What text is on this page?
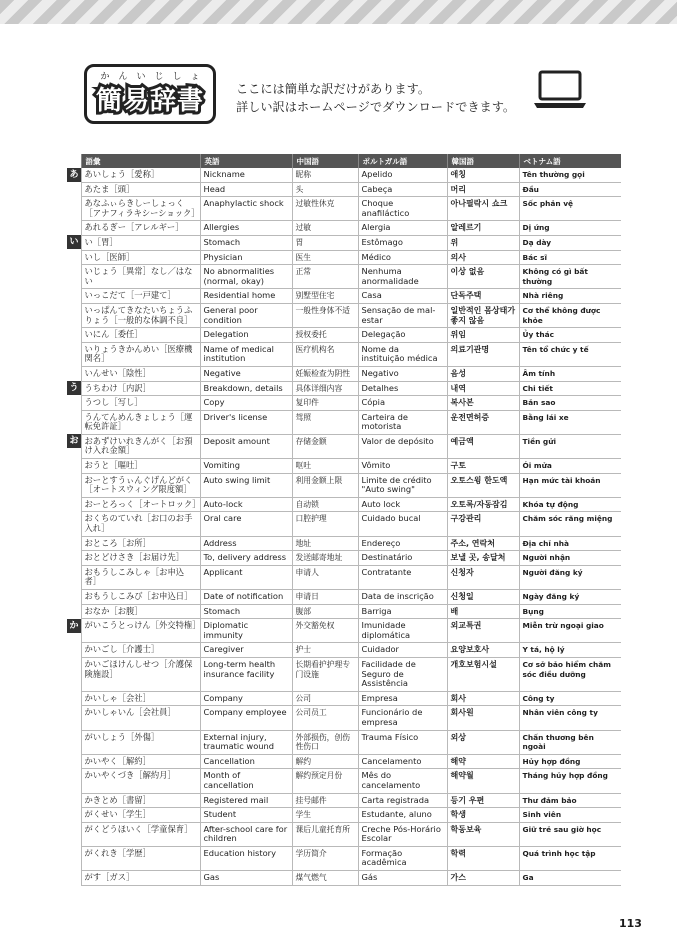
かんいじしょ
簡易辞書	ここには簡単な訳だけがあります。
詳しい訳はホームページでダウンロードできます。
	語彙	英語	中国語	ポルトガル語	韓国語	ベトナム語

あ	あいしょう［愛称］	Nickname	昵称	Apelido	애칭	Tên thường gọi
	あたま［頭］	Head	头	Cabeça	머리	Đầu
	あなふぃらきしーしょっく［アナフィラキシーショック］	Anaphylactic shock	过敏性休克	Choque anafiláctico	아나필락시 쇼크	Sốc phản vệ
	あれるぎー［アレルギー］	Allergies	过敏	Alergia	알레르기	Dị ứng

い	い［胃］	Stomach	胃	Estômago	위	Dạ dày
	いし［医師］	Physician	医生	Médico	의사	Bác sĩ
	いじょう［異常］なし／はない	No abnormalities (normal, okay)	正常	Nenhuma anormalidade	이상 없음	Không có gì bất thường
	いっこだて［一戸建て］	Residential home	别墅型住宅	Casa	단독주택	Nhà riêng
	いっぱんてきなたいちょうふりょう［一般的な体調不良］	General poor condition	一般性身体不适	Sensação de mal-estar	일반적인 몸상태가 좋지 않음	Cơ thể không được khỏe
	いにん［委任］	Delegation	授权委托	Delegação	위임	Ủy thác
	いりょうきかんめい［医療機関名］	Name of medical institution	医疗机构名	Nome da instituição médica	의료기관명	Tên tổ chức y tế
	いんせい［陰性］	Negative	妊娠检查为阴性	Negativo	음성	Âm tính

う	うちわけ［内訳］	Breakdown, details	具体详细内容	Detalhes	내역	Chi tiết
	うつし［写し］	Copy	复印件	Cópia	복사본	Bản sao
	うんてんめんきょしょう［運転免許証］	Driver's license	驾照	Carteira de motorista	운전면허증	Bằng lái xe

お	おあずけいれきんがく［お預け入れ金額］	Deposit amount	存储金额	Valor de depósito	예금액	Tiền gửi
	おうと［嘔吐］	Vomiting	呕吐	Vômito	구토	Ói mửa
	おーとすうぃんぐげんどがく［オートスウィング限度額］	Auto swing limit	利用金额上限	Limite de crédito "Auto swing"	오토스윙 한도액	Hạn mức tài khoản
	おーとろっく［オートロック］	Auto-lock	自动锁	Auto lock	오토록/자동잠김	Khóa tự động
	おくちのていれ［お口のお手入れ］	Oral care	口腔护理	Cuidado bucal	구강관리	Chăm sóc răng miệng
	おところ［お所］	Address	地址	Endereço	주소, 연락처	Địa chỉ nhà
	おとどけさき［お届け先］	To, delivery address	发送邮寄地址	Destinatário	보낼 곳, 송달처	Người nhận
	おもうしこみしゃ［お申込者］	Applicant	申请人	Contratante	신청자	Người đăng ký
	おもうしこみび［お申込日］	Date of notification	申请日	Data de inscrição	신청일	Ngày đăng ký
	おなか［お腹］	Stomach	腹部	Barriga	배	Bụng

か	がいこうとっけん［外交特権］	Diplomatic immunity	外交豁免权	Imunidade diplomática	외교특권	Miễn trừ ngoại giao
	かいごし［介護士］	Caregiver	护士	Cuidador	요양보호사	Y tá, hộ lý
	かいごほけんしせつ［介護保険施設］	Long-term health insurance facility	长期看护护理专门设施	Facilidade de Seguro de Assistência	개호보험시설	Cơ sở bảo hiểm chăm sóc điều dưỡng
	かいしゃ［会社］	Company	公司	Empresa	회사	Công ty
	かいしゃいん［会社員］	Company employee	公司员工	Funcionário de empresa	회사원	Nhân viên công ty
	がいしょう［外傷］	External injury, traumatic wound	外部损伤，创伤性伤口	Trauma Físico	외상	Chấn thương bên ngoài
	かいやく［解約］	Cancellation	解约	Cancelamento	해약	Hủy hợp đồng
	かいやくづき［解約月］	Month of cancellation	解约预定月份	Mês do cancelamento	해약월	Tháng hủy hợp đồng
	かきとめ［書留］	Registered mail	挂号邮件	Carta registrada	등기 우편	Thư đảm bảo
	がくせい［学生］	Student	学生	Estudante, aluno	학생	Sinh viên
	がくどうほいく［学童保育］	After-school care for children	课后儿童托育所	Creche Pós-Horário Escolar	학동보육	Giữ trẻ sau giờ học
	がくれき［学歴］	Education history	学历简介	Formação acadêmica	학력	Quá trình học tập
	がす［ガス］	Gas	煤气燃气	Gás	가스	Ga
113
